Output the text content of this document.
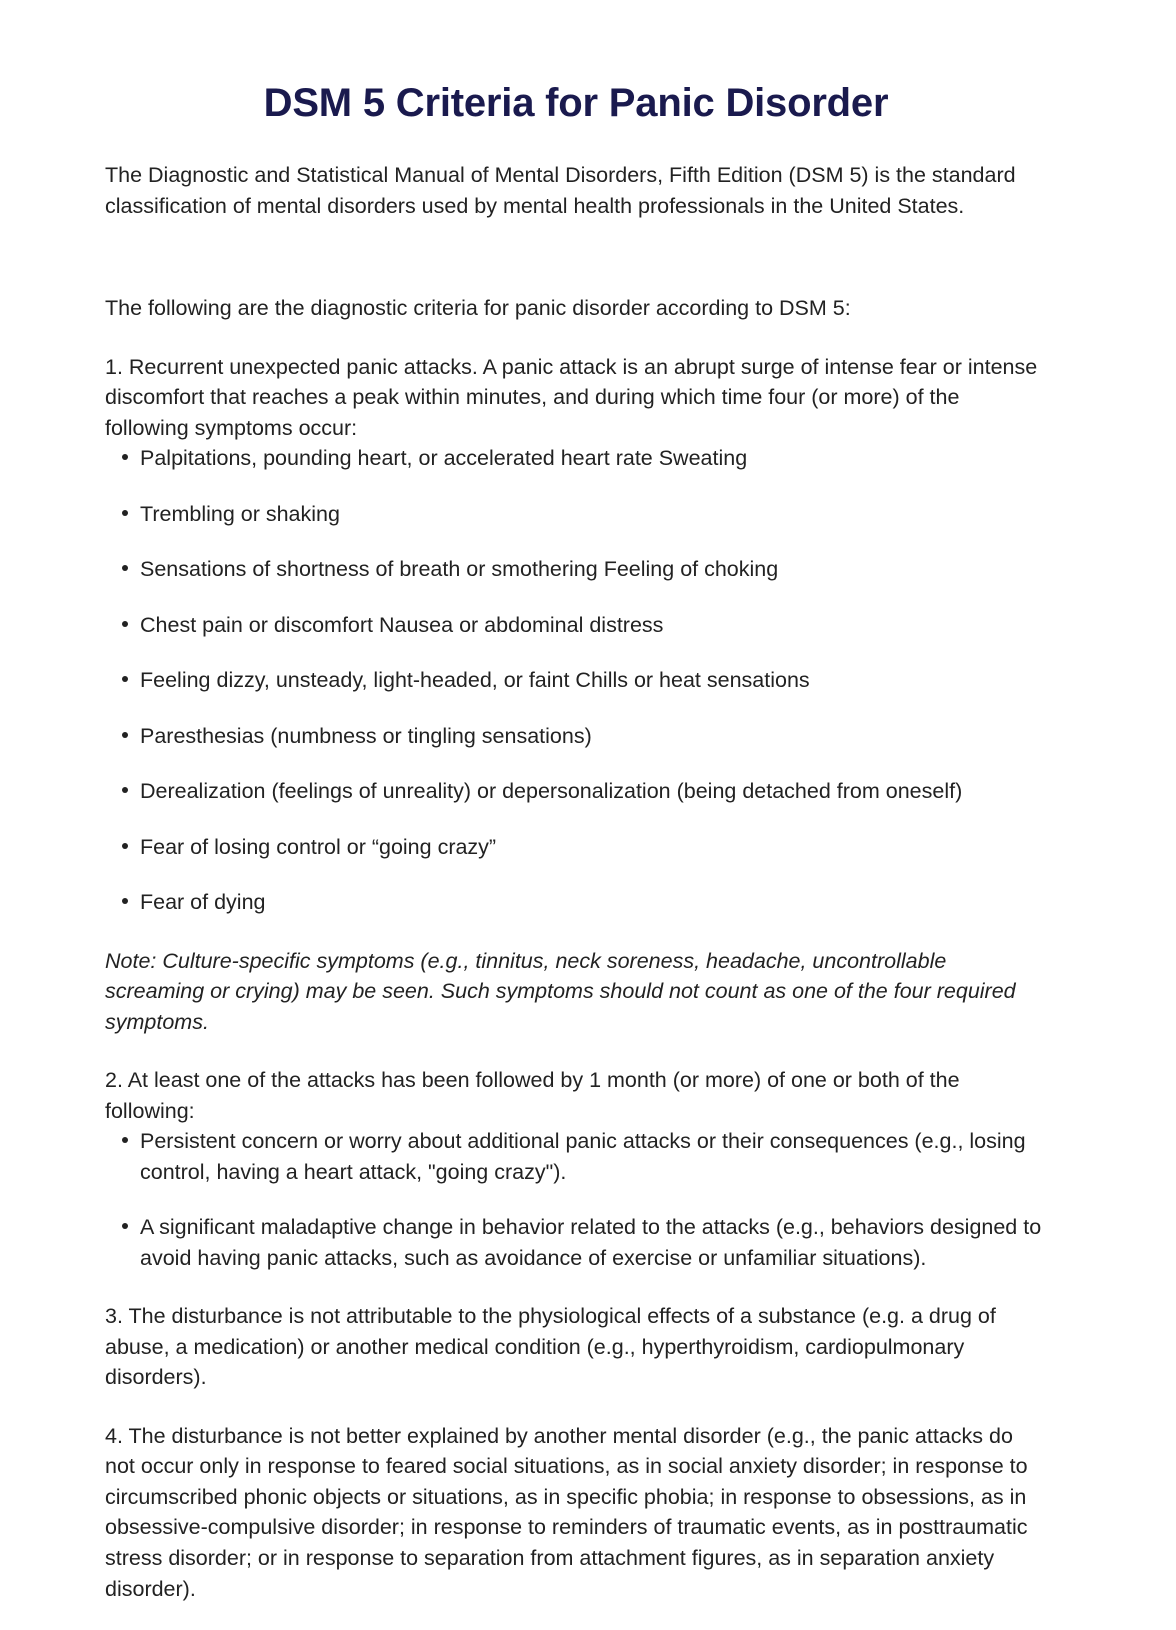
DSM 5 Criteria for Panic Disorder

The Diagnostic and Statistical Manual of Mental Disorders, Fifth Edition (DSM 5) is the standard classification of mental disorders used by mental health professionals in the United States.

The following are the diagnostic criteria for panic disorder according to DSM 5:

1. Recurrent unexpected panic attacks. A panic attack is an abrupt surge of intense fear or intense discomfort that reaches a peak within minutes, and during which time four (or more) of the following symptoms occur:

Palpitations, pounding heart, or accelerated heart rate Sweating
Trembling or shaking
Sensations of shortness of breath or smothering Feeling of choking
Chest pain or discomfort Nausea or abdominal distress
Feeling dizzy, unsteady, light-headed, or faint Chills or heat sensations
Paresthesias (numbness or tingling sensations)
Derealization (feelings of unreality) or depersonalization (being detached from oneself)
Fear of losing control or “going crazy”
Fear of dying

Note: Culture-specific symptoms (e.g., tinnitus, neck soreness, headache, uncontrollable screaming or crying) may be seen. Such symptoms should not count as one of the four required symptoms.

2. At least one of the attacks has been followed by 1 month (or more) of one or both of the following:

Persistent concern or worry about additional panic attacks or their consequences (e.g., losing control, having a heart attack, "going crazy").
A significant maladaptive change in behavior related to the attacks (e.g., behaviors designed to avoid having panic attacks, such as avoidance of exercise or unfamiliar situations).

3. The disturbance is not attributable to the physiological effects of a substance (e.g. a drug of abuse, a medication) or another medical condition (e.g., hyperthyroidism, cardiopulmonary disorders).

4. The disturbance is not better explained by another mental disorder (e.g., the panic attacks do not occur only in response to feared social situations, as in social anxiety disorder; in response to circumscribed phonic objects or situations, as in specific phobia; in response to obsessions, as in obsessive-compulsive disorder; in response to reminders of traumatic events, as in posttraumatic stress disorder; or in response to separation from attachment figures, as in separation anxiety disorder).
